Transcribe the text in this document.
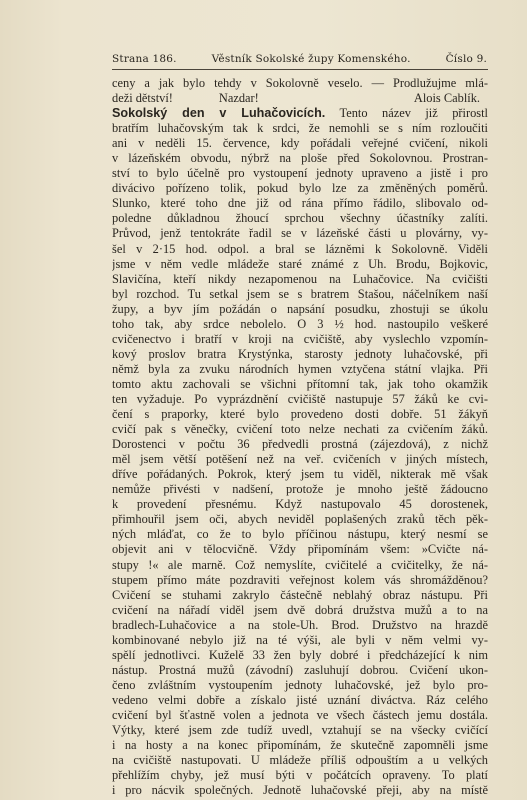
Strana 186.	Věstník Sokolské župy Komenského.	Číslo 9.
ceny a jak bylo tehdy v Sokolovně veselo. — Prodlužujme mlá-
deži dětství!	Nazdar!	Alois Cablík.
Sokolský den v Luhačovicích. Tento název již přirostl
bratřím luhačovským tak k srdci, že nemohli se s ním rozloučiti
ani v neděli 15. července, kdy pořádali veřejné cvičení, nikoli
v lázeňském obvodu, nýbrž na ploše před Sokolovnou. Prostran-
ství to bylo účelně pro vystoupení jednoty upraveno a jistě i pro
divácivo pořízeno tolik, pokud bylo lze za změněných poměrů.
Slunko, které toho dne již od rána přímo řádilo, slibovalo od-
poledne důkladnou žhoucí sprchou všechny účastníky zalíti.
Průvod, jenž tentokráte řadil se v lázeňské části u plovárny, vy-
šel v 2·15 hod. odpol. a bral se lázněmi k Sokolovně. Viděli
jsme v něm vedle mládeže staré známé z Uh. Brodu, Bojkovic,
Slavičína, kteří nikdy nezapomenou na Luhačovice. Na cvičišti
byl rozchod. Tu setkal jsem se s bratrem Stašou, náčelníkem naší
župy, a byv jím požádán o napsání posudku, zhostuji se úkolu
toho tak, aby srdce nebolelo. O 3 ½ hod. nastoupilo veškeré
cvičenectvo i bratří v kroji na cvičiště, aby vyslechlo vzpomín-
kový proslov bratra Krystýnka, starosty jednoty luhačovské, při
němž byla za zvuku národních hymen vztyčena státní vlajka. Při
tomto aktu zachovali se všichni přítomní tak, jak toho okamžik
ten vyžaduje. Po vyprázdnění cvičiště nastupuje 57 žáků ke cvi-
čení s praporky, které bylo provedeno dosti dobře. 51 žákyň
cvičí pak s věnečky, cvičení toto nelze nechati za cvičením žáků.
Dorostenci v počtu 36 předvedli prostná (zájezdová), z nichž
měl jsem větší potěšení než na veř. cvičeních v jiných místech,
dříve pořádaných. Pokrok, který jsem tu viděl, nikterak mě však
nemůže přivésti v nadšení, protože je mnoho ještě žádoucno
k provedení přesnému. Když nastupovalo 45 dorostenek,
přimhouřil jsem oči, abych neviděl poplašených zraků těch pěk-
ných mláďat, co že to bylo příčinou nástupu, který nesmí se
objevit ani v tělocvičně. Vždy připomínám všem: »Cvičte ná-
stupy !« ale marně. Což nemyslíte, cvičitelé a cvičitelky, že ná-
stupem přímo máte pozdraviti veřejnost kolem vás shromážděnou?
Cvičení se stuhami zakrylo částečně neblahý obraz nástupu. Při
cvičení na nářadí viděl jsem dvě dobrá družstva mužů a to na
bradlech-Luhačovice a na stole-Uh. Brod. Družstvo na hrazdě
kombinované nebylo již na té výši, ale byli v něm velmi vy-
spělí jednotlivci. Kuželě 33 žen byly dobré i předcházející k nim
nástup. Prostná mužů (závodní) zasluhují dobrou. Cvičení ukon-
čeno zvláštním vystoupením jednoty luhačovské, jež bylo pro-
vedeno velmi dobře a získalo jisté uznání diváctva. Ráz celého
cvičení byl šťastně volen a jednota ve všech částech jemu dostála.
Výtky, které jsem zde tudíž uvedl, vztahují se na všecky cvičící
i na hosty a na konec připomínám, že skutečně zapomněli jsme
na cvičiště nastupovati. U mládeže příliš odpouštím a u velkých
přehlížím chyby, jež musí býti v počátcích opraveny. To platí
i pro nácvik společných. Jednotě luhačovské přeji, aby na místě
